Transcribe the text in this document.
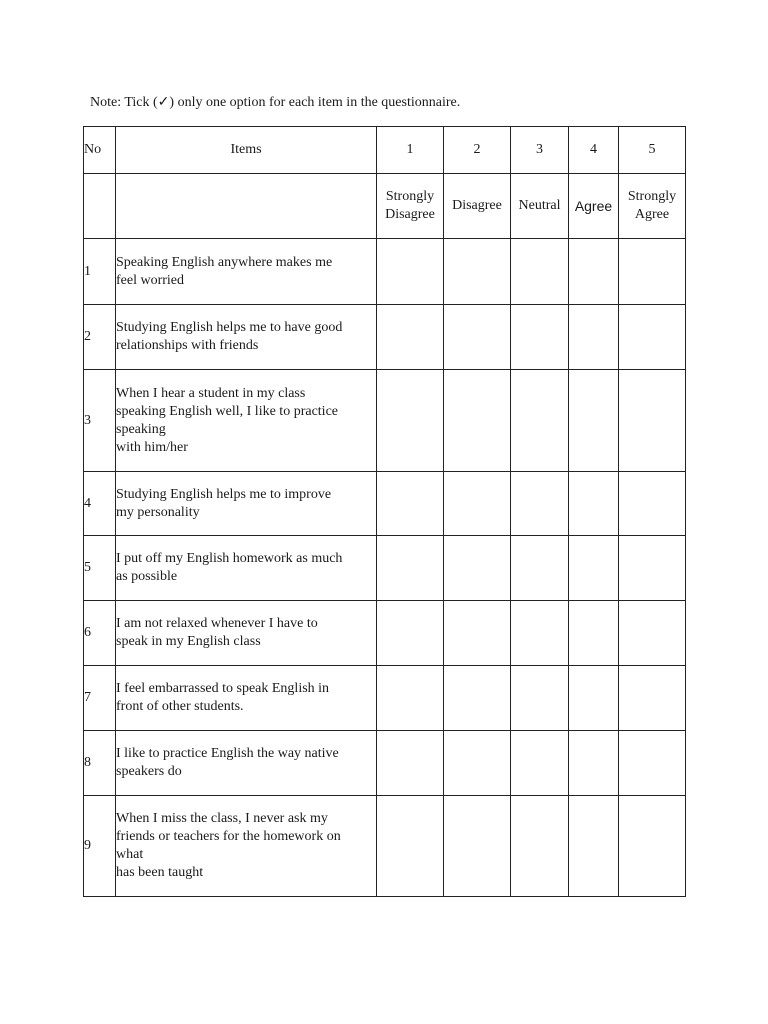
Note: Tick (✓) only one option for each item in the questionnaire.
No	Items	1	2	3	4	5

		Strongly Disagree	Disagree	Neutral	Agree	Strongly Agree

1	Speaking English anywhere makes me
feel worried					

2	Studying English helps me to have good
relationships with friends					

3	When I hear a student in my class
speaking English well, I like to practice
speaking
with him/her					

4	Studying English helps me to improve
my personality					

5	I put off my English homework as much
as possible					

6	I am not relaxed whenever I have to
speak in my English class					

7	I feel embarrassed to speak English in
front of other students.					

8	I like to practice English the way native
speakers do					

9	When I miss the class, I never ask my
friends or teachers for the homework on
what
has been taught					
